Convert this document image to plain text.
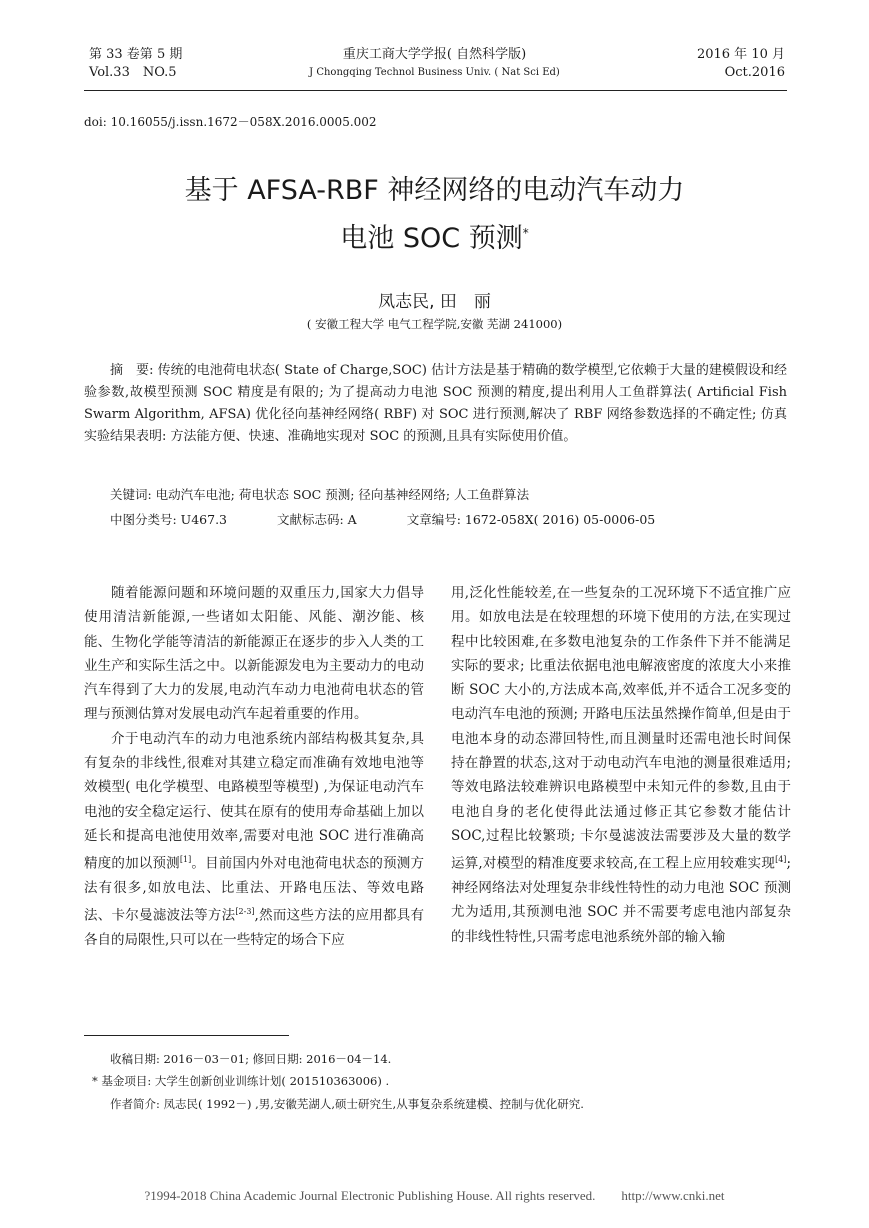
第 33 卷第 5 期
Vol.33　NO.5
重庆工商大学学报( 自然科学版)
J Chongqing Technol Business Univ. ( Nat Sci Ed)
2016 年 10 月
Oct.2016
doi: 10.16055/j.issn.1672－058X.2016.0005.002
基于 AFSA-RBF 神经网络的电动汽车动力
电池 SOC 预测*
凤志民, 田　丽
( 安徽工程大学 电气工程学院,安徽 芜湖 241000)

摘　要: 传统的电池荷电状态( State of Charge,SOC) 估计方法是基于精确的数学模型,它依赖于大量的建模假设和经验参数,故模型预测 SOC 精度是有限的; 为了提高动力电池 SOC 预测的精度,提出利用人工鱼群算法( Artificial Fish Swarm Algorithm, AFSA) 优化径向基神经网络( RBF) 对 SOC 进行预测,解决了 RBF 网络参数选择的不确定性; 仿真实验结果表明: 方法能方便、快速、准确地实现对 SOC 的预测,且具有实际使用价值。

关键词: 电动汽车电池; 荷电状态 SOC 预测; 径向基神经网络; 人工鱼群算法
中图分类号: U467.3	文献标志码: A	文章编号: 1672-058X( 2016) 05-0006-05

随着能源问题和环境问题的双重压力,国家大力倡导使用清洁新能源,一些诸如太阳能、风能、潮汐能、核能、生物化学能等清洁的新能源正在逐步的步入人类的工业生产和实际生活之中。以新能源发电为主要动力的电动汽车得到了大力的发展,电动汽车动力电池荷电状态的管理与预测估算对发展电动汽车起着重要的作用。

介于电动汽车的动力电池系统内部结构极其复杂,具有复杂的非线性,很难对其建立稳定而准确有效地电池等效模型( 电化学模型、电路模型等模型) ,为保证电动汽车电池的安全稳定运行、使其在原有的使用寿命基础上加以延长和提高电池使用效率,需要对电池 SOC 进行准确高精度的加以预测[1]。目前国内外对电池荷电状态的预测方法有很多,如放电法、比重法、开路电压法、等效电路法、卡尔曼滤波法等方法[2-3],然而这些方法的应用都具有各自的局限性,只可以在一些特定的场合下应

用,泛化性能较差,在一些复杂的工况环境下不适宜推广应用。如放电法是在较理想的环境下使用的方法,在实现过程中比较困难,在多数电池复杂的工作条件下并不能满足实际的要求; 比重法依据电池电解液密度的浓度大小来推断 SOC 大小的,方法成本高,效率低,并不适合工况多变的电动汽车电池的预测; 开路电压法虽然操作简单,但是由于电池本身的动态滞回特性,而且测量时还需电池长时间保持在静置的状态,这对于动电动汽车电池的测量很难适用; 等效电路法较难辨识电路模型中未知元件的参数,且由于电池自身的老化使得此法通过修正其它参数才能估计 SOC,过程比较繁琐; 卡尔曼滤波法需要涉及大量的数学运算,对模型的精准度要求较高,在工程上应用较难实现[4]; 神经网络法对处理复杂非线性特性的动力电池 SOC 预测尤为适用,其预测电池 SOC 并不需要考虑电池内部复杂的非线性特性,只需考虑电池系统外部的输入输

收稿日期: 2016－03－01; 修回日期: 2016－04－14.
* 基金项目: 大学生创新创业训练计划( 201510363006) .
作者简介: 凤志民( 1992－) ,男,安徽芜湖人,硕士研究生,从事复杂系统建模、控制与优化研究.
?1994-2018 China Academic Journal Electronic Publishing House. All rights reserved.　　http://www.cnki.net
